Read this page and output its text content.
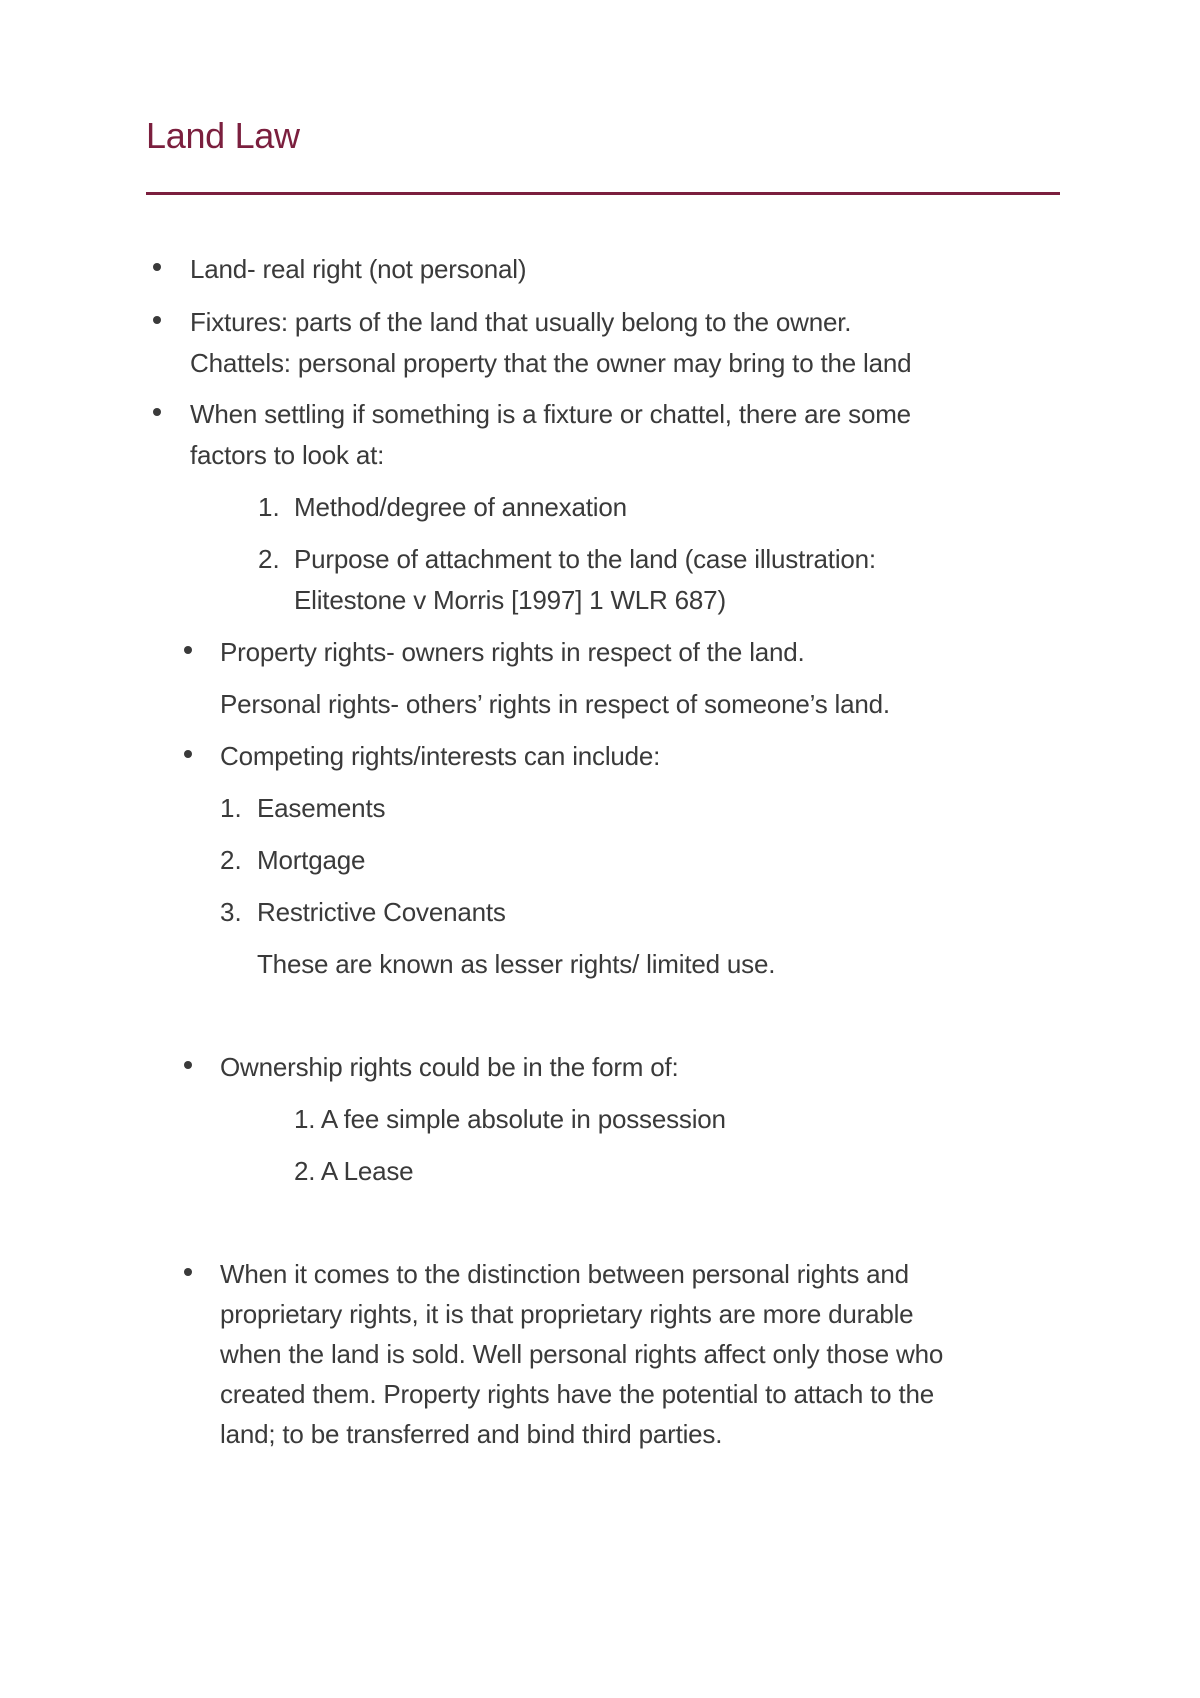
Land Law
Land- real right (not personal)
Fixtures: parts of the land that usually belong to the owner.
Chattels: personal property that the owner may bring to the land
When settling if something is a fixture or chattel, there are some
factors to look at:
1. Method/degree of annexation
2. Purpose of attachment to the land (case illustration:
Elitestone v Morris [1997] 1 WLR 687)
Property rights- owners rights in respect of the land.
Personal rights- others’ rights in respect of someone’s land.
Competing rights/interests can include:
1. Easements
2. Mortgage
3. Restrictive Covenants
These are known as lesser rights/ limited use.
Ownership rights could be in the form of:
1. A fee simple absolute in possession
2. A Lease
When it comes to the distinction between personal rights and
proprietary rights, it is that proprietary rights are more durable
when the land is sold. Well personal rights affect only those who
created them. Property rights have the potential to attach to the
land; to be transferred and bind third parties.
